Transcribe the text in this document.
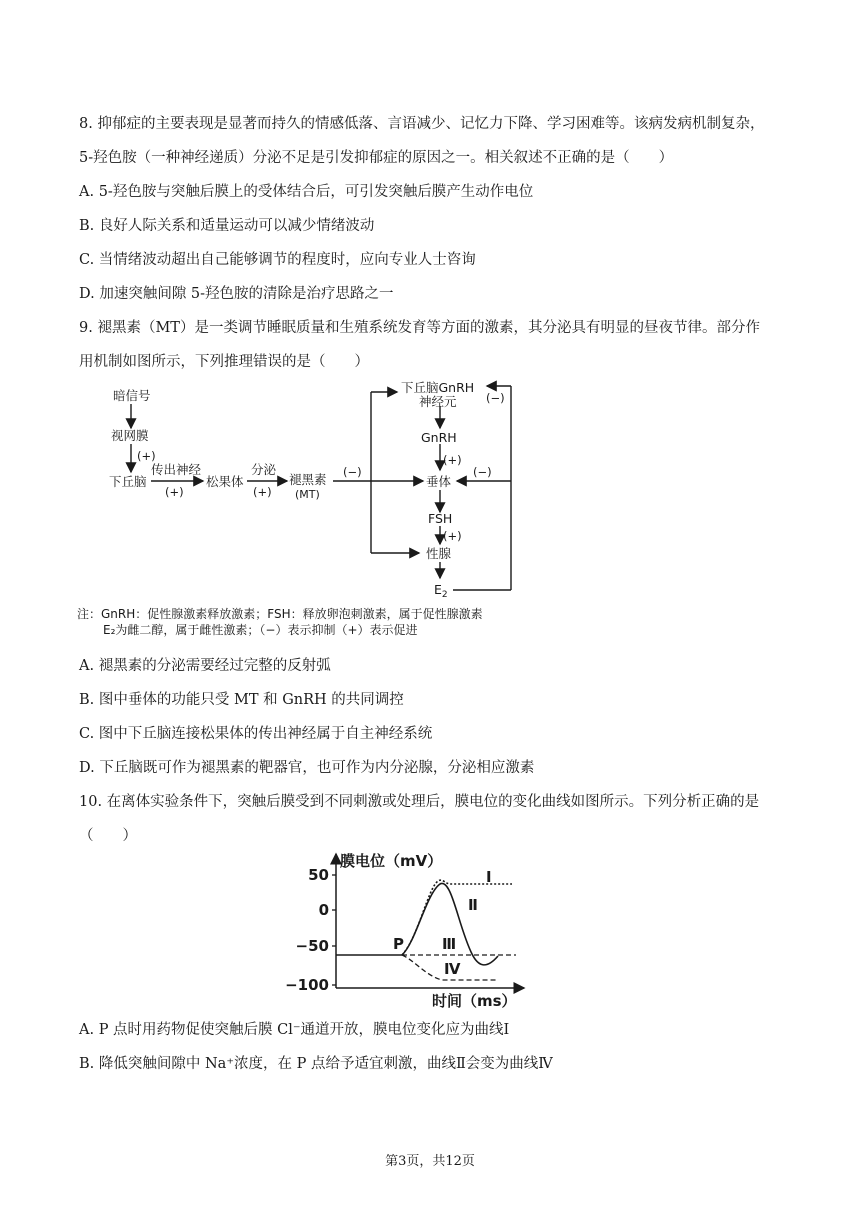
8. 抑郁症的主要表现是显著而持久的情感低落、言语减少、记忆力下降、学习困难等。该病发病机制复杂，
5-羟色胺（一种神经递质）分泌不足是引发抑郁症的原因之一。相关叙述不正确的是（　　）
A. 5-羟色胺与突触后膜上的受体结合后，可引发突触后膜产生动作电位
B. 良好人际关系和适量运动可以减少情绪波动
C. 当情绪波动超出自己能够调节的程度时，应向专业人士咨询
D. 加速突触间隙 5-羟色胺的清除是治疗思路之一
9. 褪黑素（MT）是一类调节睡眠质量和生殖系统发育等方面的激素，其分泌具有明显的昼夜节律。部分作
用机制如图所示，下列推理错误的是（　　）
暗信号
视网膜
(+)
下丘脑
传出神经
(+)
松果体
分泌
(+)
褪黑素
(MT)
(−)
下丘脑GnRH
神经元	(−)
GnRH
(+)
(−)
垂体
FSH
(+)
性腺
$E_2$
注：GnRH：促性腺激素释放激素；FSH：释放卵泡刺激素，属于促性腺激素
E₂为雌二醇，属于雌性激素；（−）表示抑制（+）表示促进
A. 褪黑素的分泌需要经过完整的反射弧
B. 图中垂体的功能只受 MT 和 GnRH 的共同调控
C. 图中下丘脑连接松果体的传出神经属于自主神经系统
D. 下丘脑既可作为褪黑素的靶器官，也可作为内分泌腺，分泌相应激素
10. 在离体实验条件下，突触后膜受到不同刺激或处理后，膜电位的变化曲线如图所示。下列分析正确的是
（　　）
50
0
−50
−100
膜电位（mV）
时间（ms）
P
Ⅰ
Ⅱ
Ⅲ
Ⅳ
A. P 点时用药物促使突触后膜 Cl⁻通道开放，膜电位变化应为曲线Ⅰ
B. 降低突触间隙中 Na⁺浓度，在 P 点给予适宜刺激，曲线Ⅱ会变为曲线Ⅳ
第3页，共12页
